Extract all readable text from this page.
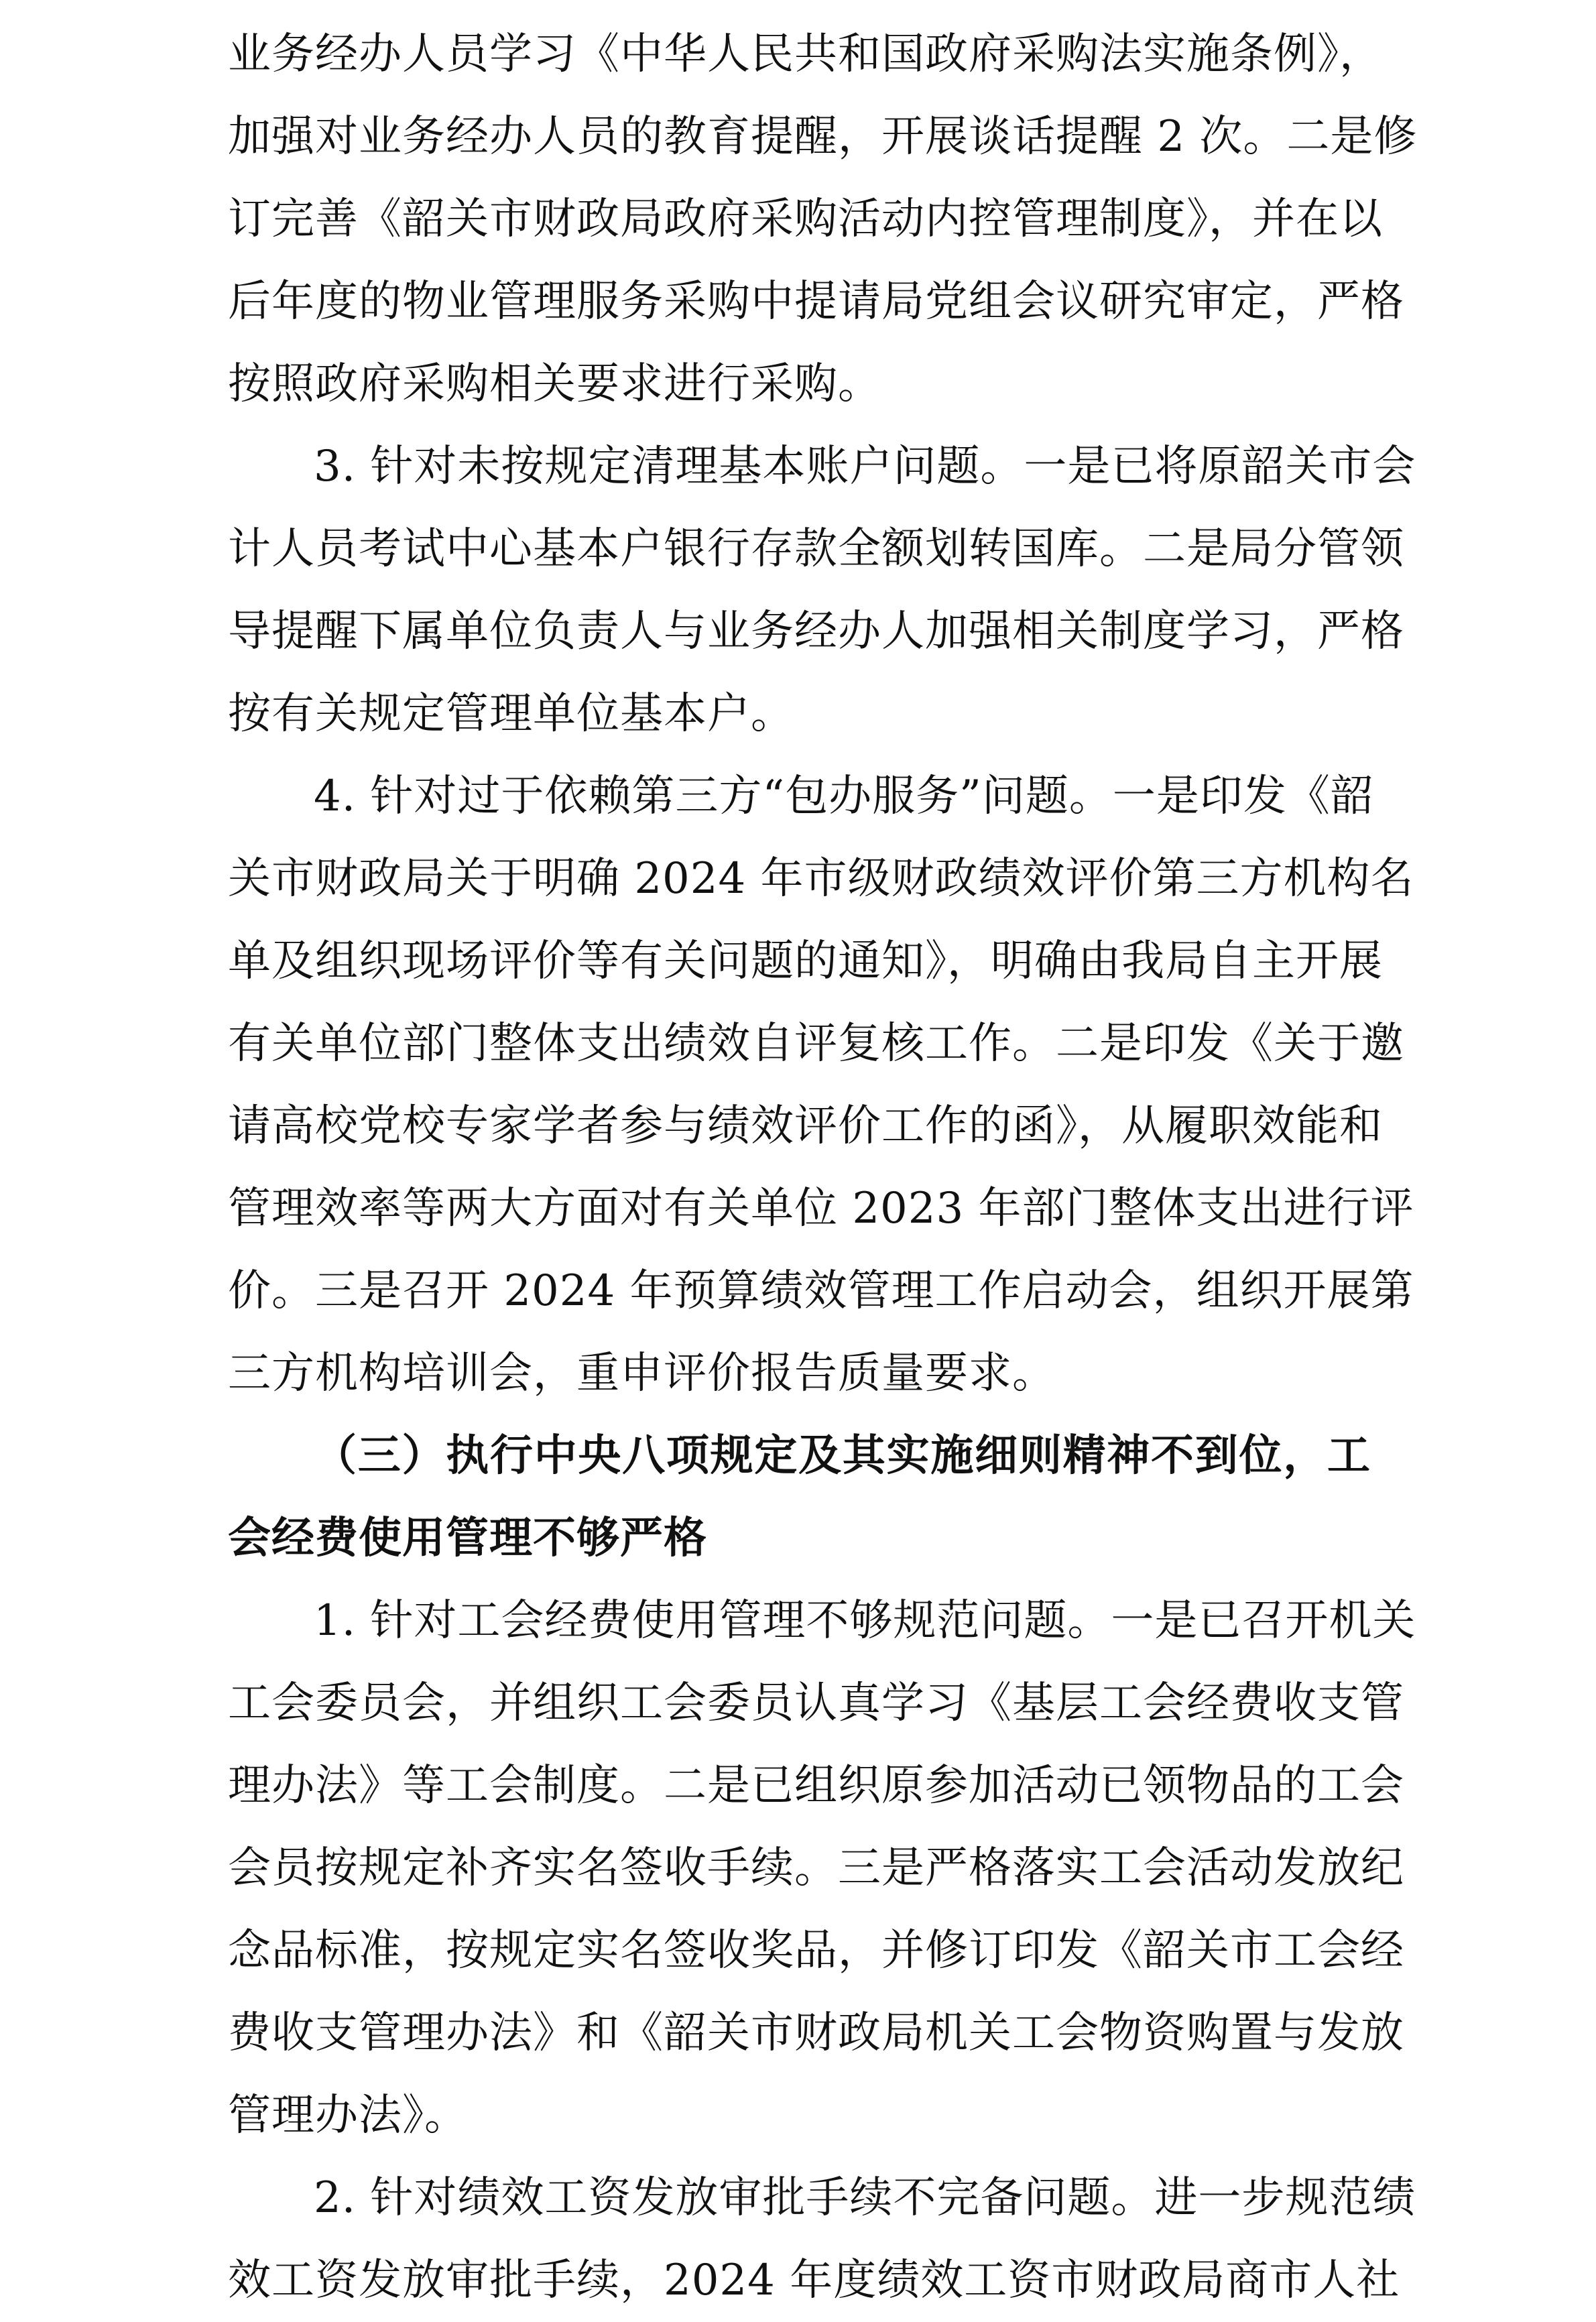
业务经办人员学习《中华人民共和国政府采购法实施条例》，
加强对业务经办人员的教育提醒，开展谈话提醒 2 次。二是修
订完善《韶关市财政局政府采购活动内控管理制度》，并在以
后年度的物业管理服务采购中提请局党组会议研究审定，严格
按照政府采购相关要求进行采购。
3. 针对未按规定清理基本账户问题。一是已将原韶关市会
计人员考试中心基本户银行存款全额划转国库。二是局分管领
导提醒下属单位负责人与业务经办人加强相关制度学习，严格
按有关规定管理单位基本户。
4. 针对过于依赖第三方“包办服务”问题。一是印发《韶
关市财政局关于明确 2024 年市级财政绩效评价第三方机构名
单及组织现场评价等有关问题的通知》，明确由我局自主开展
有关单位部门整体支出绩效自评复核工作。二是印发《关于邀
请高校党校专家学者参与绩效评价工作的函》，从履职效能和
管理效率等两大方面对有关单位 2023 年部门整体支出进行评
价。三是召开 2024 年预算绩效管理工作启动会，组织开展第
三方机构培训会，重申评价报告质量要求。
（三）执行中央八项规定及其实施细则精神不到位，工
会经费使用管理不够严格
1. 针对工会经费使用管理不够规范问题。一是已召开机关
工会委员会，并组织工会委员认真学习《基层工会经费收支管
理办法》等工会制度。二是已组织原参加活动已领物品的工会
会员按规定补齐实名签收手续。三是严格落实工会活动发放纪
念品标准，按规定实名签收奖品，并修订印发《韶关市工会经
费收支管理办法》和《韶关市财政局机关工会物资购置与发放
管理办法》。
2. 针对绩效工资发放审批手续不完备问题。进一步规范绩
效工资发放审批手续，2024 年度绩效工资市财政局商市人社
